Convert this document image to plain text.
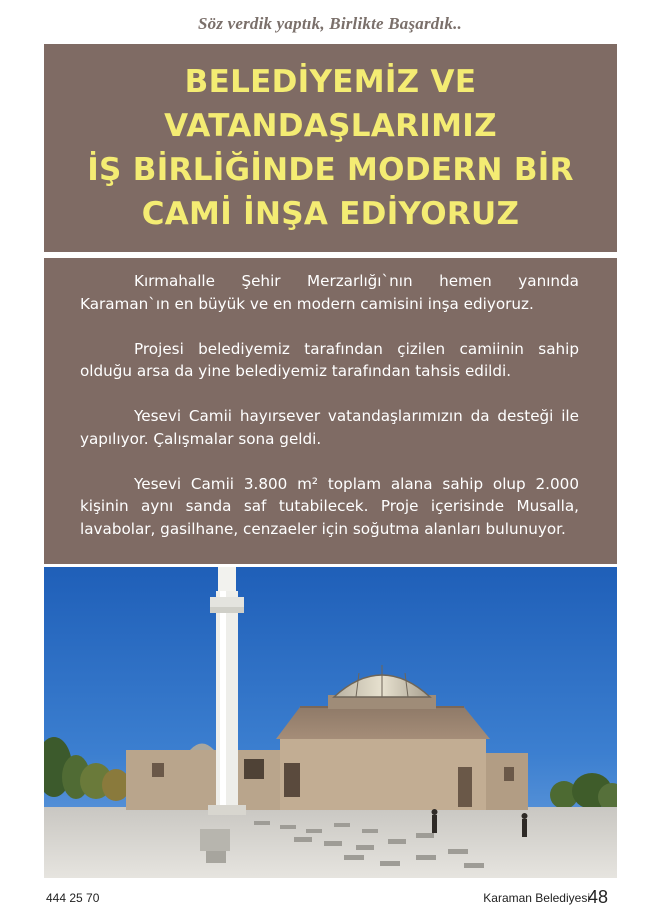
Söz verdik yaptık, Birlikte Başardık..
BELEDİYEMİZ VE
VATANDAŞLARIMIZ
İŞ BİRLİĞİNDE MODERN BİR
CAMİ İNŞA EDİYORUZ

Kırmahalle Şehir Merzarlığı`nın hemen yanında Karaman`ın en büyük ve en modern camisini inşa ediyoruz.

Projesi belediyemiz tarafından çizilen camiinin sahip olduğu arsa da yine belediyemiz tarafından tahsis edildi.

Yesevi Camii hayırsever vatandaşlarımızın da desteği ile yapılıyor. Çalışmalar sona geldi.

Yesevi Camii 3.800 m² toplam alana sahip olup 2.000 kişinin aynı sanda saf tutabilecek. Proje içerisinde Musalla, lavabolar, gasilhane, cenzaeler için soğutma alanları bulunuyor.

444 25 70	Karaman Belediyesi
48
